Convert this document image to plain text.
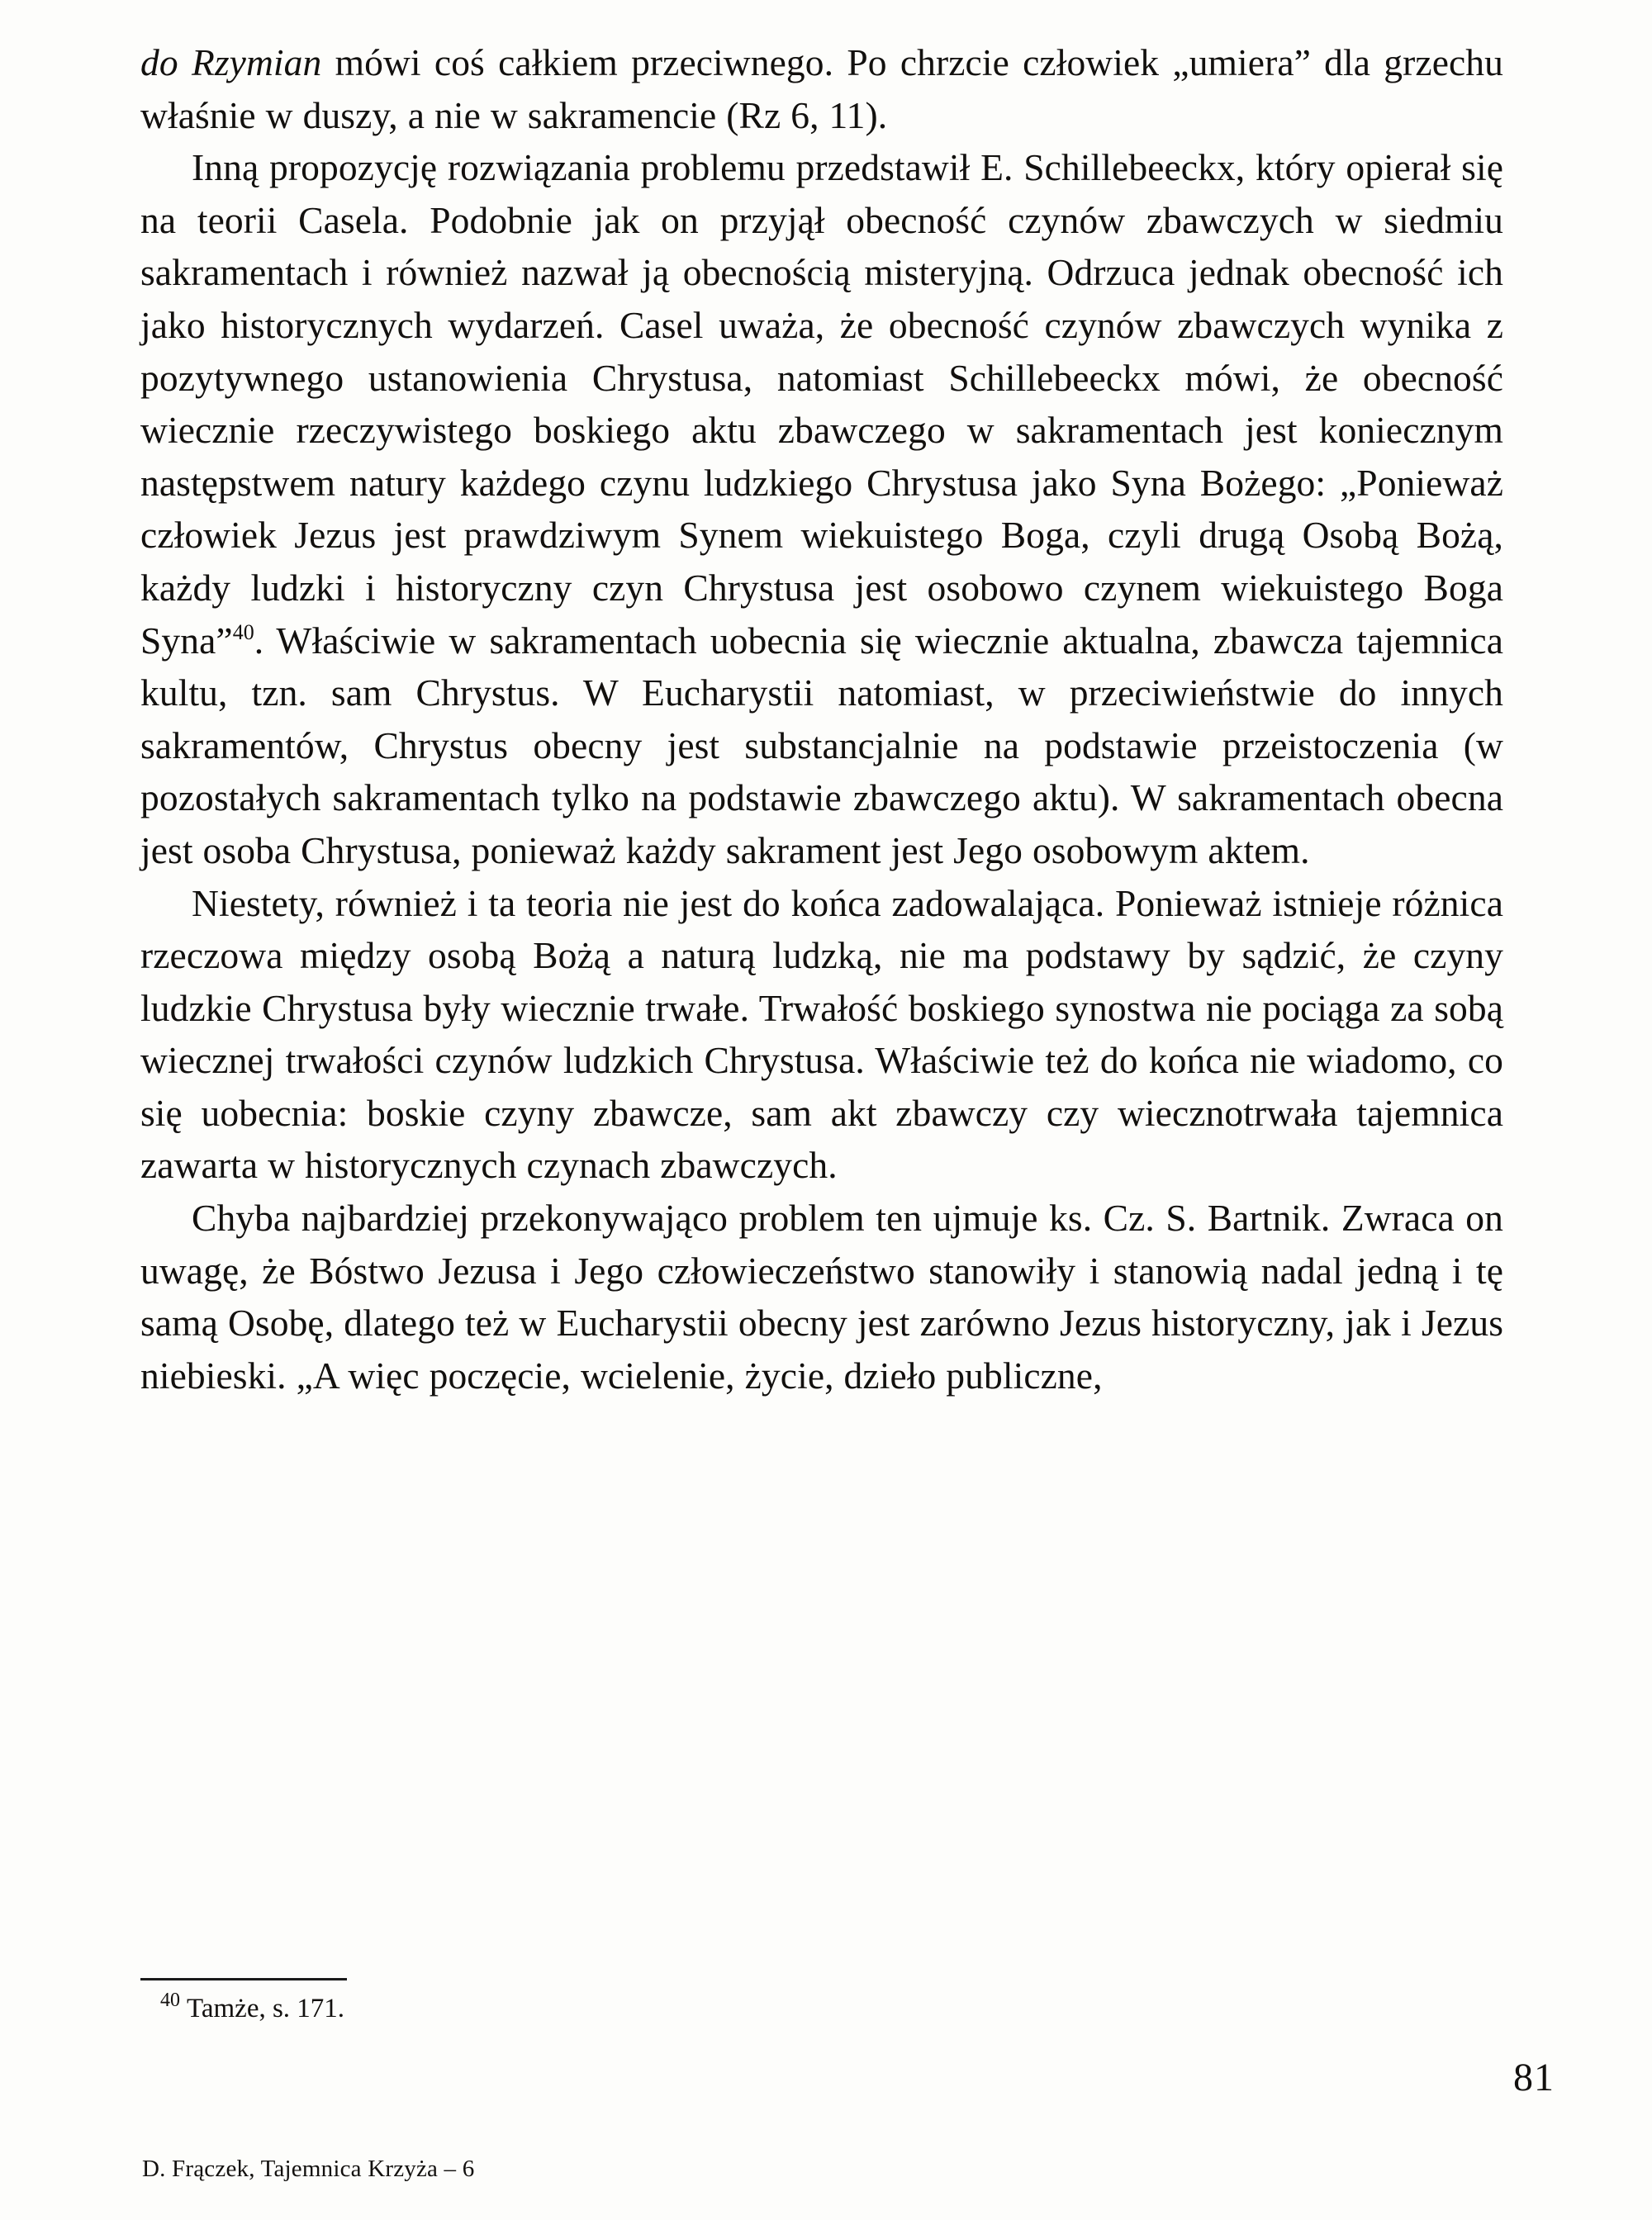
do Rzymian mówi coś całkiem przeciwnego. Po chrzcie człowiek „umiera” dla grzechu właśnie w duszy, a nie w sakramencie (Rz 6, 11).

Inną propozycję rozwiązania problemu przedstawił E. Schillebeeckx, który opierał się na teorii Casela. Podobnie jak on przyjął obecność czynów zbawczych w siedmiu sakramentach i również nazwał ją obecnością misteryjną. Odrzuca jednak obecność ich jako historycznych wydarzeń. Casel uważa, że obecność czynów zbawczych wynika z pozytywnego ustanowienia Chrystusa, natomiast Schillebeeckx mówi, że obecność wiecznie rzeczywistego boskiego aktu zbawczego w sakramentach jest koniecznym następstwem natury każdego czynu ludzkiego Chrystusa jako Syna Bożego: „Ponieważ człowiek Jezus jest prawdziwym Synem wiekuistego Boga, czyli drugą Osobą Bożą, każdy ludzki i historyczny czyn Chrystusa jest osobowo czynem wiekuistego Boga Syna”$^{40}$. Właściwie w sakramentach uobecnia się wiecznie aktualna, zbawcza tajemnica kultu, tzn. sam Chrystus. W Eucharystii natomiast, w przeciwieństwie do innych sakramentów, Chrystus obecny jest substancjalnie na podstawie przeistoczenia (w pozostałych sakramentach tylko na podstawie zbawczego aktu). W sakramentach obecna jest osoba Chrystusa, ponieważ każdy sakrament jest Jego osobowym aktem.

Niestety, również i ta teoria nie jest do końca zadowalająca. Ponieważ istnieje różnica rzeczowa między osobą Bożą a naturą ludzką, nie ma podstawy by sądzić, że czyny ludzkie Chrystusa były wiecznie trwałe. Trwałość boskiego synostwa nie pociąga za sobą wiecznej trwałości czynów ludzkich Chrystusa. Właściwie też do końca nie wiadomo, co się uobecnia: boskie czyny zbawcze, sam akt zbawczy czy wiecznotrwała tajemnica zawarta w historycznych czynach zbawczych.

Chyba najbardziej przekonywająco problem ten ujmuje ks. Cz. S. Bartnik. Zwraca on uwagę, że Bóstwo Jezusa i Jego człowieczeństwo stanowiły i stanowią nadal jedną i tę samą Osobę, dlatego też w Eucharystii obecny jest zarówno Jezus historyczny, jak i Jezus niebieski. „A więc poczęcie, wcielenie, życie, dzieło publiczne,

$^{40}$ Tamże, s. 171.

81
D. Frączek, Tajemnica Krzyża – 6
